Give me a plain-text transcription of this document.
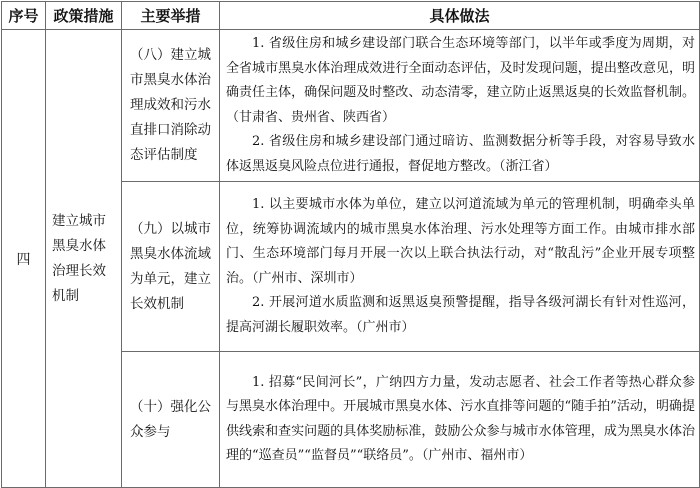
序号	政策措施	主要举措	具体做法
四	建立城市黑臭水体治理长效机制	（八）建立城市黑臭水体治理成效和污水直排口消除动态评估制度	1. 省级住房和城乡建设部门联合生态环境等部门，以半年或季度为周期，对全省城市黑臭水体治理成效进行全面动态评估，及时发现问题，提出整改意见，明确责任主体，确保问题及时整改、动态清零，建立防止返黑返臭的长效监督机制。（甘肃省、贵州省、陕西省）

2. 省级住房和城乡建设部门通过暗访、监测数据分析等手段，对容易导致水体返黑返臭风险点位进行通报，督促地方整改。（浙江省）

		（九）以城市黑臭水体流域为单元，建立长效机制	1. 以主要城市水体为单位，建立以河道流域为单元的管理机制，明确牵头单位，统筹协调流域内的城市黑臭水体治理、污水处理等方面工作。由城市排水部门、生态环境部门每月开展一次以上联合执法行动，对“散乱污”企业开展专项整治。（广州市、深圳市）

2. 开展河道水质监测和返黑返臭预警提醒，指导各级河湖长有针对性巡河，提高河湖长履职效率。（广州市）

		（十）强化公众参与	1. 招募“民间河长”，广纳四方力量，发动志愿者、社会工作者等热心群众参与黑臭水体治理中。开展城市黑臭水体、污水直排等问题的“随手拍”活动，明确提供线索和查实问题的具体奖励标准，鼓励公众参与城市水体管理，成为黑臭水体治理的“巡查员”“监督员”“联络员”。（广州市、福州市）
